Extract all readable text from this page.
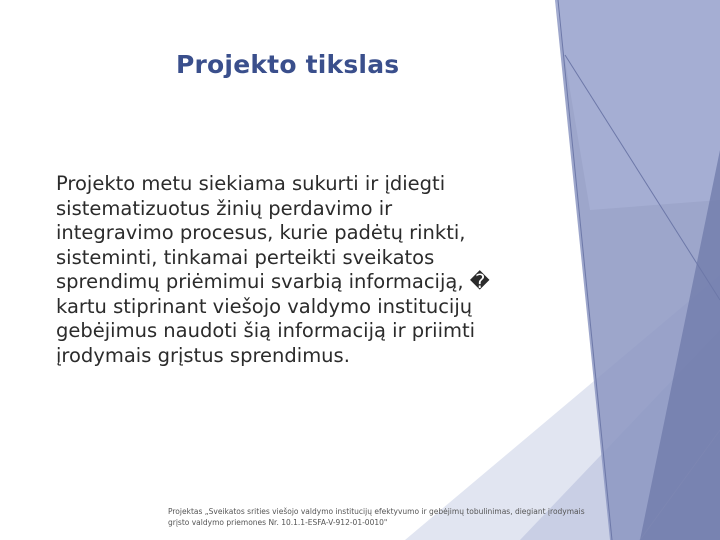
Projekto tikslas
Projekto metu siekiama sukurti ir įdiegti
sistematizuotus žinių perdavimo ir
integravimo procesus, kurie padėtų rinkti,
sisteminti, tinkamai perteikti sveikatos
sprendimų priėmimui svarbią informaciją, �
kartu stiprinant viešojo valdymo institucijų
gebėjimus naudoti šią informaciją ir priimti
įrodymais grįstus sprendimus.
Projektas „Sveikatos srities viešojo valdymo institucijų efektyvumo ir gebėjimų tobulinimas, diegiant įrodymais
grįsto valdymo priemones Nr. 10.1.1-ESFA-V-912-01-0010"
